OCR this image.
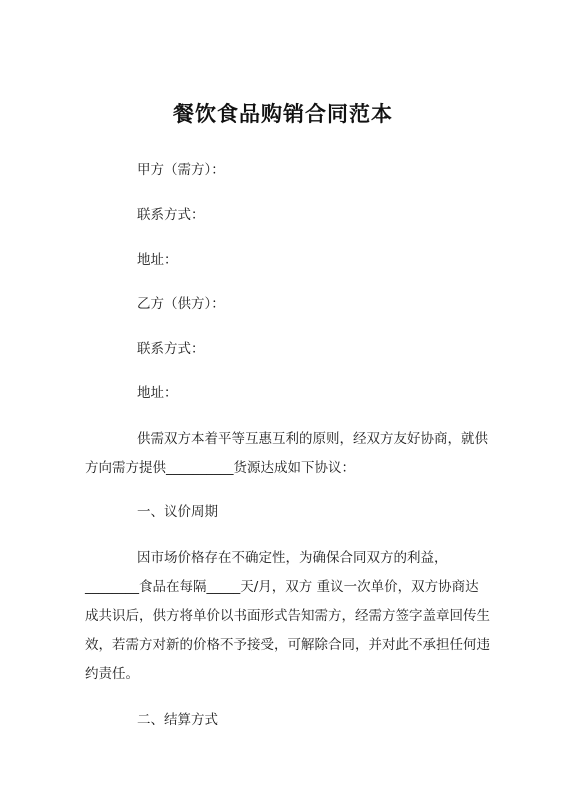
餐饮食品购销合同范本
甲方（需方）：
联系方式：
地址：
乙方（供方）：
联系方式：
地址：
供需双方本着平等互惠互利的原则，经双方友好协商，就供
方向需方提供__________货源达成如下协议：
一、议价周期
因市场价格存在不确定性，为确保合同双方的利益，
________食品在每隔_____天/月，双方 重议一次单价，双方协商达
成共识后，供方将单价以书面形式告知需方，经需方签字盖章回传生
效，若需方对新的价格不予接受，可解除合同，并对此不承担任何违
约责任。
二、结算方式
